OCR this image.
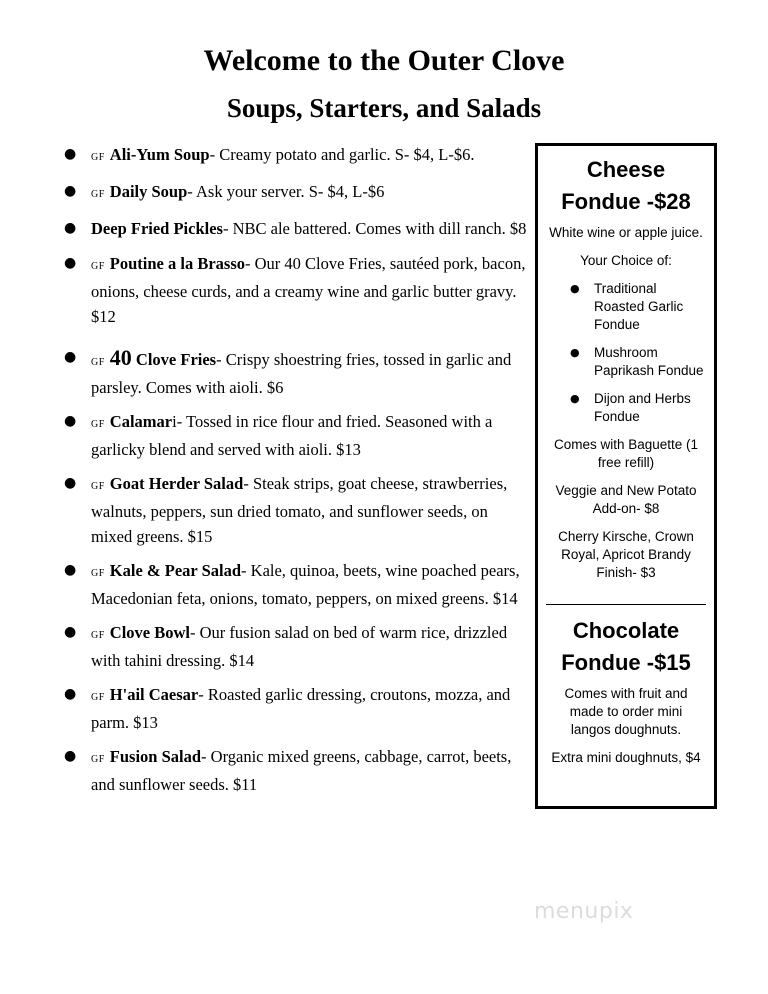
Welcome to the Outer Clove
Soups, Starters, and Salads
● GF Ali-Yum Soup- Creamy potato and garlic. S- $4, L-$6.
● GF Daily Soup- Ask your server. S- $4, L-$6
● Deep Fried Pickles- NBC ale battered. Comes with dill ranch. $8
● GF Poutine a la Brasso- Our 40 Clove Fries, sautéed pork, bacon, onions, cheese curds, and a creamy wine and garlic butter gravy. $12
● GF 40 Clove Fries- Crispy shoestring fries, tossed in garlic and parsley. Comes with aioli. $6
● GF Calamari- Tossed in rice flour and fried. Seasoned with a garlicky blend and served with aioli. $13
● GF Goat Herder Salad- Steak strips, goat cheese, strawberries, walnuts, peppers, sun dried tomato, and sunflower seeds, on mixed greens. $15
● GF Kale & Pear Salad- Kale, quinoa, beets, wine poached pears, Macedonian feta, onions, tomato, peppers, on mixed greens. $14
● GF Clove Bowl- Our fusion salad on bed of warm rice, drizzled with tahini dressing. $14
● GF H'ail Caesar- Roasted garlic dressing, croutons, mozza, and parm. $13
● GF Fusion Salad- Organic mixed greens, cabbage, carrot, beets, and sunflower seeds. $11
Cheese Fondue -$28
White wine or apple juice.
Your Choice of:
● Traditional Roasted Garlic Fondue
● Mushroom Paprikash Fondue
● Dijon and Herbs Fondue
Comes with Baguette (1 free refill)
Veggie and New Potato Add-on- $8
Cherry Kirsche, Crown Royal, Apricot Brandy Finish- $3
Chocolate Fondue -$15
Comes with fruit and made to order mini langos doughnuts.
Extra mini doughnuts, $4
menupix
